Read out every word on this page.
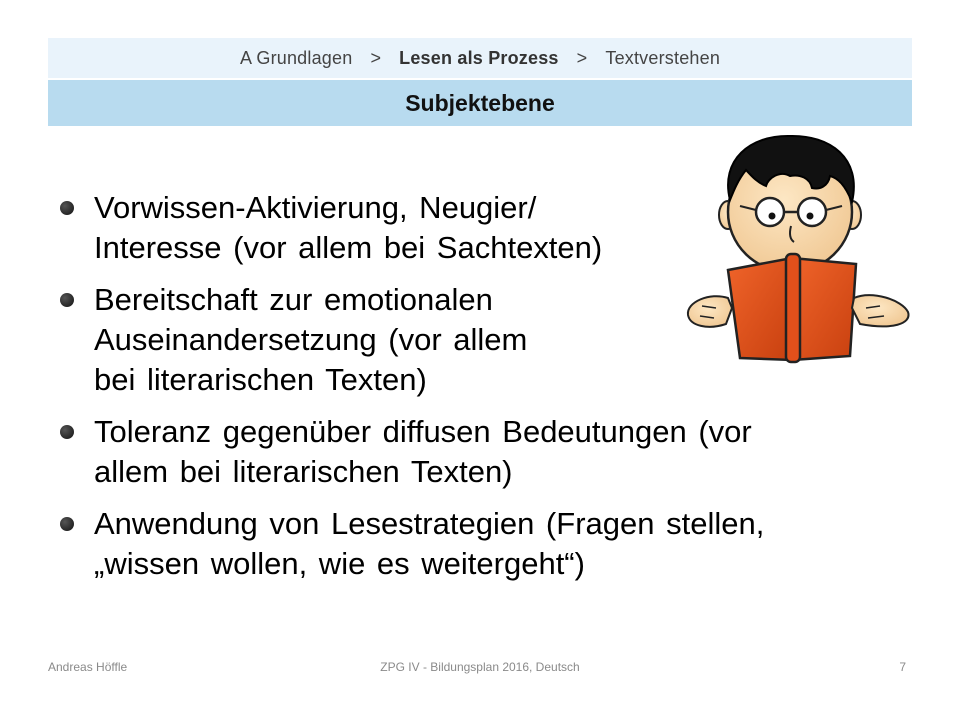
A Grundlagen > Lesen als Prozess > Textverstehen
Subjektebene
Vorwissen-Aktivierung, Neugier/
Interesse (vor allem bei Sachtexten)
Bereitschaft zur emotionalen
Auseinandersetzung (vor allem
bei literarischen Texten)
Toleranz gegenüber diffusen Bedeutungen (vor
allem bei literarischen Texten)
Anwendung von Lesestrategien (Fragen stellen,
„wissen wollen, wie es weitergeht“)
Andreas Höffle	ZPG IV - Bildungsplan 2016, Deutsch	7
